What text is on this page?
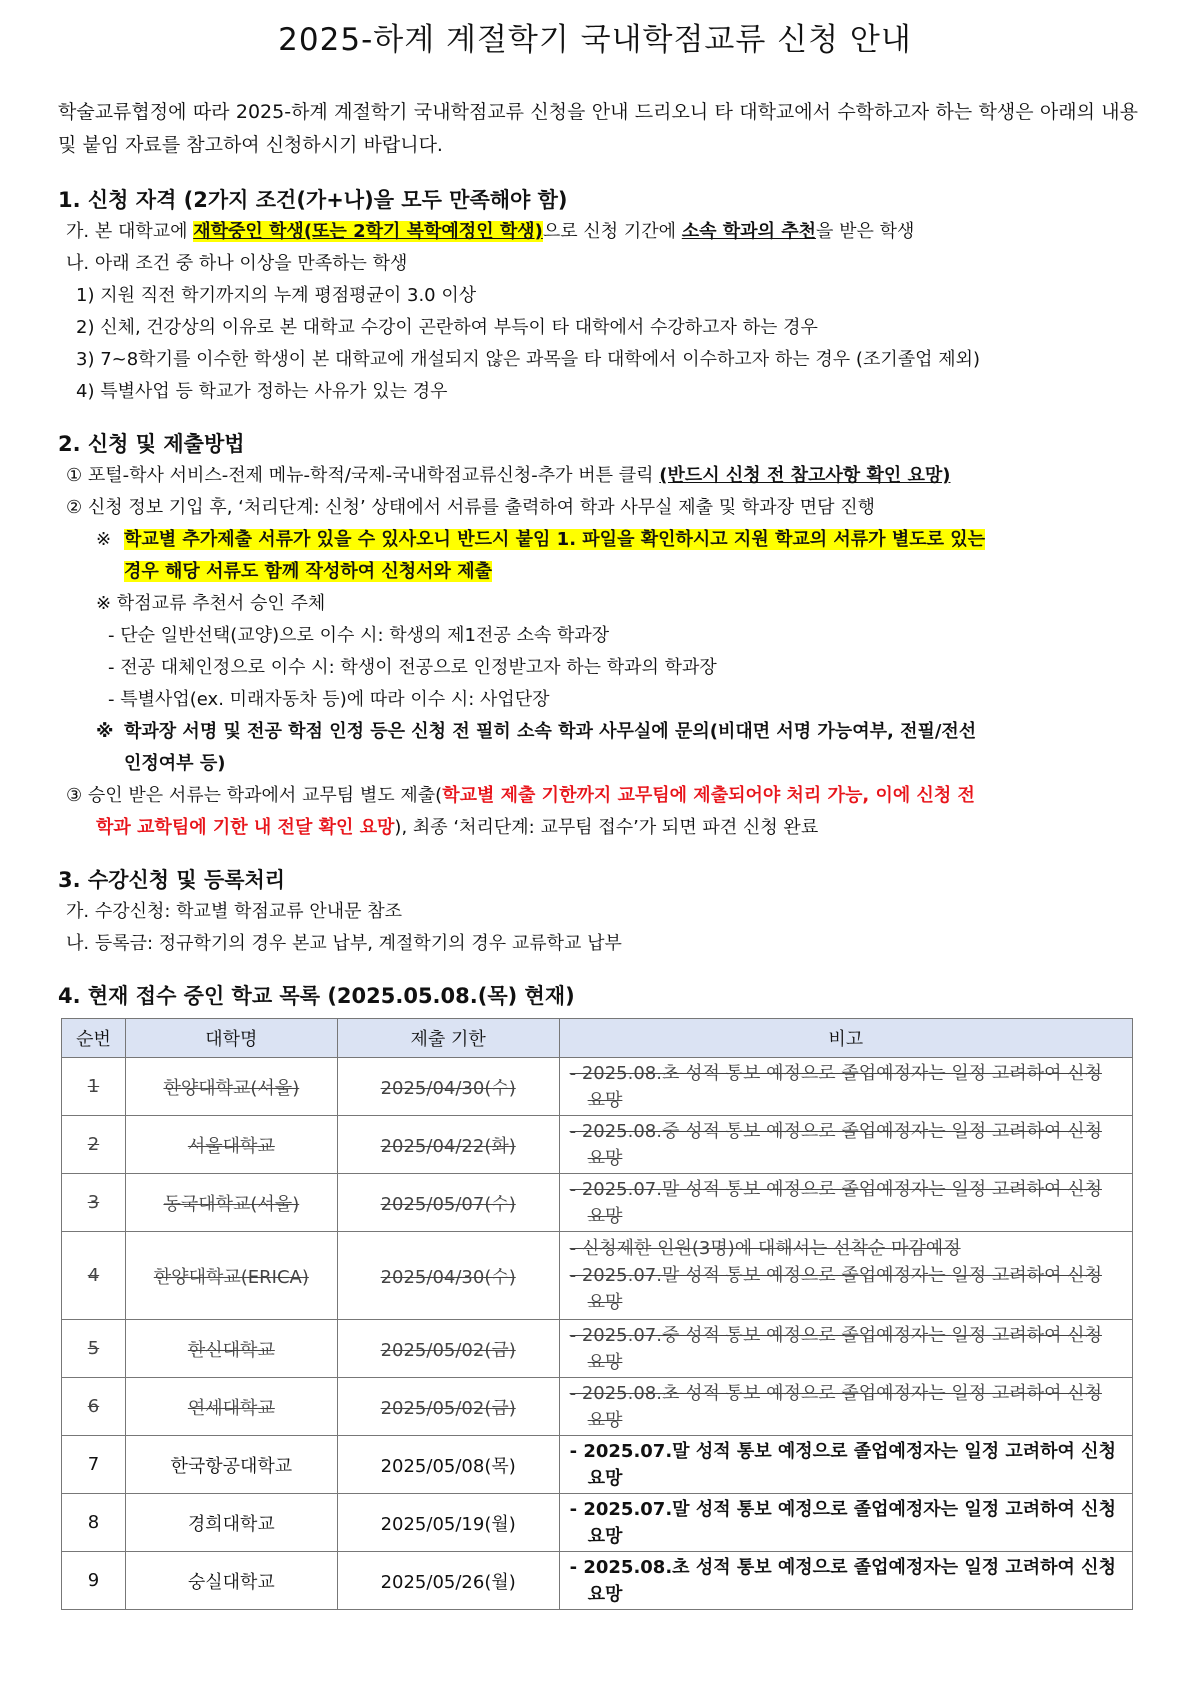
2025-하계 계절학기 국내학점교류 신청 안내
학술교류협정에 따라 2025-하계 계절학기 국내학점교류 신청을 안내 드리오니 타 대학교에서 수학하고자 하는 학생은 아래의 내용 및 붙임 자료를 참고하여 신청하시기 바랍니다.
1. 신청 자격 (2가지 조건(가+나)을 모두 만족해야 함)
가. 본 대학교에 재학중인 학생(또는 2학기 복학예정인 학생)으로 신청 기간에 소속 학과의 추천을 받은 학생
나. 아래 조건 중 하나 이상을 만족하는 학생
1) 지원 직전 학기까지의 누계 평점평균이 3.0 이상
2) 신체, 건강상의 이유로 본 대학교 수강이 곤란하여 부득이 타 대학에서 수강하고자 하는 경우
3) 7~8학기를 이수한 학생이 본 대학교에 개설되지 않은 과목을 타 대학에서 이수하고자 하는 경우 (조기졸업 제외)
4) 특별사업 등 학교가 정하는 사유가 있는 경우
2. 신청 및 제출방법
① 포털-학사 서비스-전제 메뉴-학적/국제-국내학점교류신청-추가 버튼 클릭 (반드시 신청 전 참고사항 확인 요망)
② 신청 정보 기입 후, ‘처리단계: 신청’ 상태에서 서류를 출력하여 학과 사무실 제출 및 학과장 면담 진행
※ 학교별 추가제출 서류가 있을 수 있사오니 반드시 붙임 1. 파일을 확인하시고 지원 학교의 서류가 별도로 있는
경우 해당 서류도 함께 작성하여 신청서와 제출
※ 학점교류 추천서 승인 주체
- 단순 일반선택(교양)으로 이수 시: 학생의 제1전공 소속 학과장
- 전공 대체인정으로 이수 시: 학생이 전공으로 인정받고자 하는 학과의 학과장
- 특별사업(ex. 미래자동차 등)에 따라 이수 시: 사업단장
※ 학과장 서명 및 전공 학점 인정 등은 신청 전 필히 소속 학과 사무실에 문의(비대면 서명 가능여부, 전필/전선
인정여부 등)
③ 승인 받은 서류는 학과에서 교무팀 별도 제출(학교별 제출 기한까지 교무팀에 제출되어야 처리 가능, 이에 신청 전
학과 교학팀에 기한 내 전달 확인 요망), 최종 ‘처리단계: 교무팀 접수’가 되면 파견 신청 완료
3. 수강신청 및 등록처리
가. 수강신청: 학교별 학점교류 안내문 참조
나. 등록금: 정규학기의 경우 본교 납부, 계절학기의 경우 교류학교 납부
4. 현재 접수 중인 학교 목록 (2025.05.08.(목) 현재)
순번	대학명	제출 기한	비고
1	한양대학교(서울)	2025/04/30(수)	- 2025.08.초 성적 통보 예정으로 졸업예정자는 일정 고려하여 신청 요망

2	서울대학교	2025/04/22(화)	- 2025.08.중 성적 통보 예정으로 졸업예정자는 일정 고려하여 신청 요망

3	동국대학교(서울)	2025/05/07(수)	- 2025.07.말 성적 통보 예정으로 졸업예정자는 일정 고려하여 신청 요망

4	한양대학교(ERICA)	2025/04/30(수)	- 신청제한 인원(3명)에 대해서는 선착순 마감예정
- 2025.07.말 성적 통보 예정으로 졸업예정자는 일정 고려하여 신청 요망

5	한신대학교	2025/05/02(금)	- 2025.07.중 성적 통보 예정으로 졸업예정자는 일정 고려하여 신청 요망

6	연세대학교	2025/05/02(금)	- 2025.08.초 성적 통보 예정으로 졸업예정자는 일정 고려하여 신청 요망

7	한국항공대학교	2025/05/08(목)	- 2025.07.말 성적 통보 예정으로 졸업예정자는 일정 고려하여 신청 요망

8	경희대학교	2025/05/19(월)	- 2025.07.말 성적 통보 예정으로 졸업예정자는 일정 고려하여 신청 요망

9	숭실대학교	2025/05/26(월)	- 2025.08.초 성적 통보 예정으로 졸업예정자는 일정 고려하여 신청 요망
